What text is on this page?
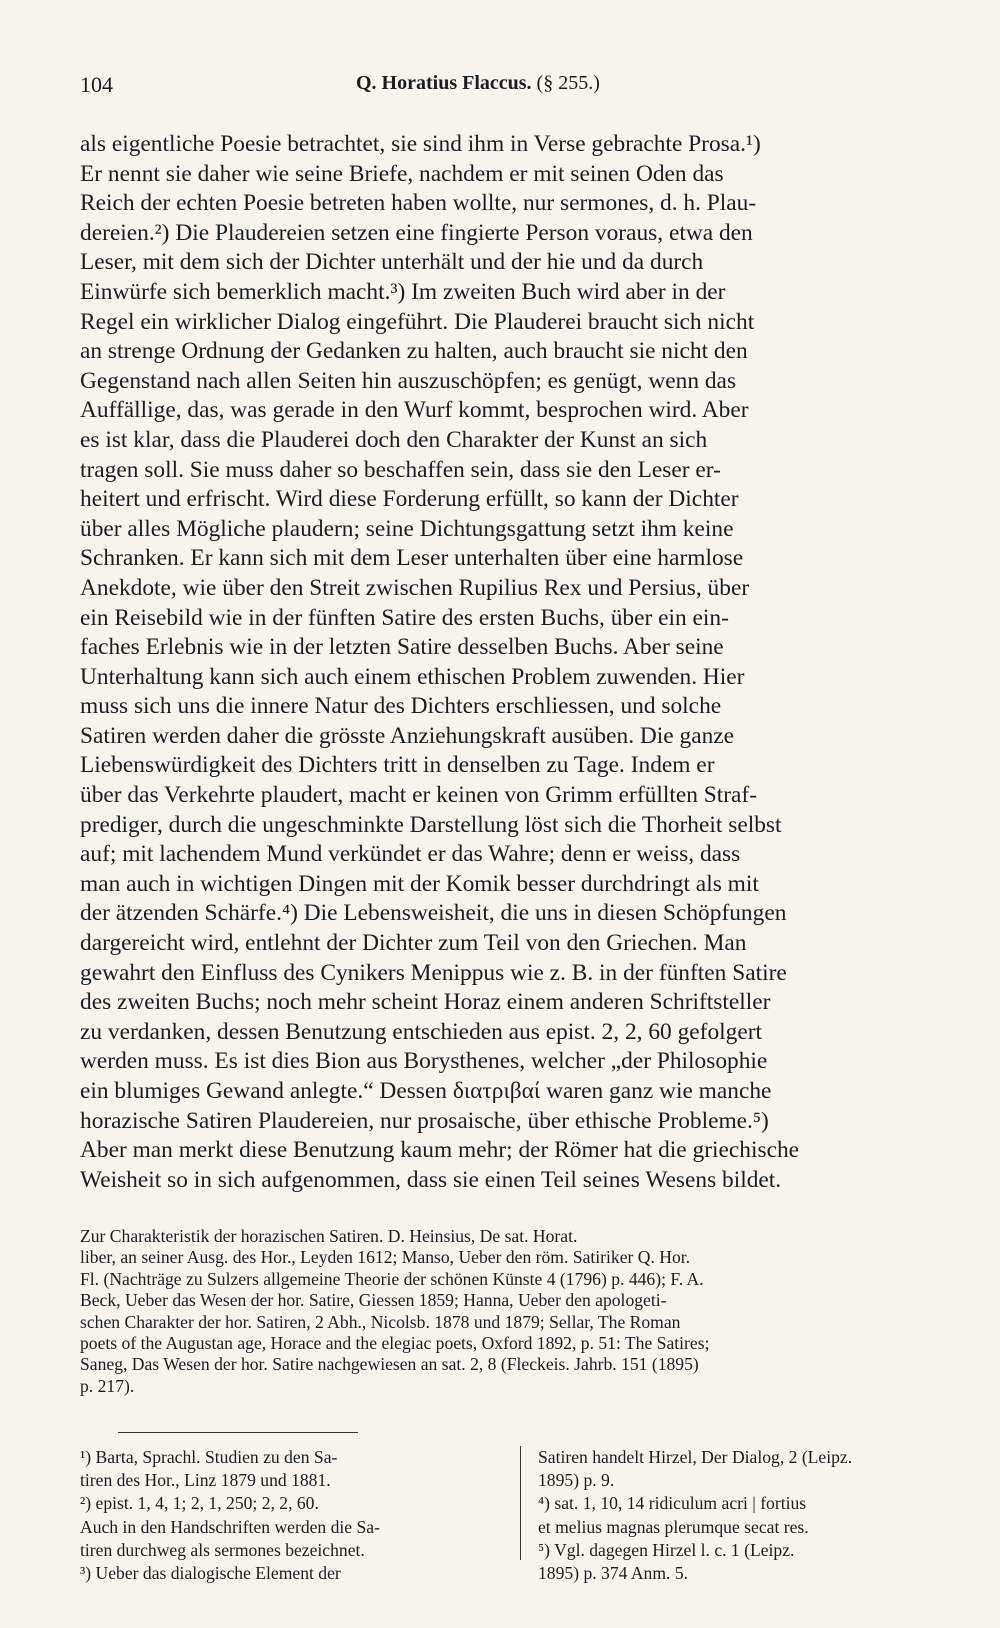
104	Q. Horatius Flaccus. (§ 255.)
als eigentliche Poesie betrachtet, sie sind ihm in Verse gebrachte Prosa.¹)
Er nennt sie daher wie seine Briefe, nachdem er mit seinen Oden das
Reich der echten Poesie betreten haben wollte, nur sermones, d. h. Plau-
dereien.²) Die Plaudereien setzen eine fingierte Person voraus, etwa den
Leser, mit dem sich der Dichter unterhält und der hie und da durch
Einwürfe sich bemerklich macht.³) Im zweiten Buch wird aber in der
Regel ein wirklicher Dialog eingeführt. Die Plauderei braucht sich nicht
an strenge Ordnung der Gedanken zu halten, auch braucht sie nicht den
Gegenstand nach allen Seiten hin auszuschöpfen; es genügt, wenn das
Auffällige, das, was gerade in den Wurf kommt, besprochen wird. Aber
es ist klar, dass die Plauderei doch den Charakter der Kunst an sich
tragen soll. Sie muss daher so beschaffen sein, dass sie den Leser er-
heitert und erfrischt. Wird diese Forderung erfüllt, so kann der Dichter
über alles Mögliche plaudern; seine Dichtungsgattung setzt ihm keine
Schranken. Er kann sich mit dem Leser unterhalten über eine harmlose
Anekdote, wie über den Streit zwischen Rupilius Rex und Persius, über
ein Reisebild wie in der fünften Satire des ersten Buchs, über ein ein-
faches Erlebnis wie in der letzten Satire desselben Buchs. Aber seine
Unterhaltung kann sich auch einem ethischen Problem zuwenden. Hier
muss sich uns die innere Natur des Dichters erschliessen, und solche
Satiren werden daher die grösste Anziehungskraft ausüben. Die ganze
Liebenswürdigkeit des Dichters tritt in denselben zu Tage. Indem er
über das Verkehrte plaudert, macht er keinen von Grimm erfüllten Straf-
prediger, durch die ungeschminkte Darstellung löst sich die Thorheit selbst
auf; mit lachendem Mund verkündet er das Wahre; denn er weiss, dass
man auch in wichtigen Dingen mit der Komik besser durchdringt als mit
der ätzenden Schärfe.⁴) Die Lebensweisheit, die uns in diesen Schöpfungen
dargereicht wird, entlehnt der Dichter zum Teil von den Griechen. Man
gewahrt den Einfluss des Cynikers Menippus wie z. B. in der fünften Satire
des zweiten Buchs; noch mehr scheint Horaz einem anderen Schriftsteller
zu verdanken, dessen Benutzung entschieden aus epist. 2, 2, 60 gefolgert
werden muss. Es ist dies Bion aus Borysthenes, welcher „der Philosophie
ein blumiges Gewand anlegte.“ Dessen διατριβαί waren ganz wie manche
horazische Satiren Plaudereien, nur prosaische, über ethische Probleme.⁵)
Aber man merkt diese Benutzung kaum mehr; der Römer hat die griechische
Weisheit so in sich aufgenommen, dass sie einen Teil seines Wesens bildet.
Zur Charakteristik der horazischen Satiren. D. Heinsius, De sat. Horat.
liber, an seiner Ausg. des Hor., Leyden 1612; Manso, Ueber den röm. Satiriker Q. Hor.
Fl. (Nachträge zu Sulzers allgemeine Theorie der schönen Künste 4 (1796) p. 446); F. A.
Beck, Ueber das Wesen der hor. Satire, Giessen 1859; Hanna, Ueber den apologeti-
schen Charakter der hor. Satiren, 2 Abh., Nicolsb. 1878 und 1879; Sellar, The Roman
poets of the Augustan age, Horace and the elegiac poets, Oxford 1892, p. 51: The Satires;
Saneg, Das Wesen der hor. Satire nachgewiesen an sat. 2, 8 (Fleckeis. Jahrb. 151 (1895)
p. 217).
¹) Barta, Sprachl. Studien zu den Sa-
tiren des Hor., Linz 1879 und 1881.
²) epist. 1, 4, 1; 2, 1, 250; 2, 2, 60.
Auch in den Handschriften werden die Sa-
tiren durchweg als sermones bezeichnet.
³) Ueber das dialogische Element der
Satiren handelt Hirzel, Der Dialog, 2 (Leipz.
1895) p. 9.
⁴) sat. 1, 10, 14 ridiculum acri | fortius
et melius magnas plerumque secat res.
⁵) Vgl. dagegen Hirzel l. c. 1 (Leipz.
1895) p. 374 Anm. 5.
